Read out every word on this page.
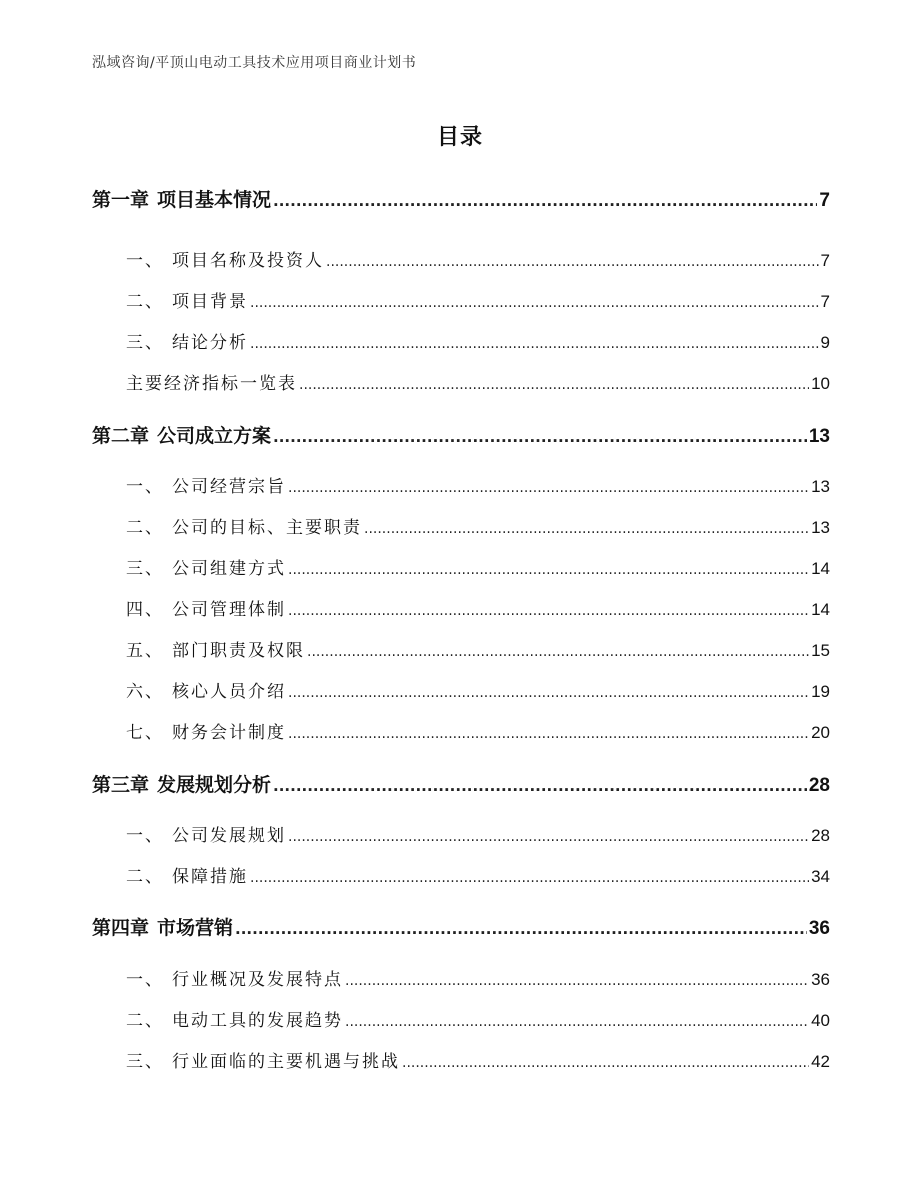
泓域咨询/平顶山电动工具技术应用项目商业计划书
目录
第一章 项目基本情况 .....	7
一、 项目名称及投资人 .....	7
二、 项目背景 .....	7
三、 结论分析 .....	9
主要经济指标一览表 .....	10
第二章 公司成立方案 .....	13
一、 公司经营宗旨 .....	13
二、 公司的目标、主要职责 .....	13
三、 公司组建方式 .....	14
四、 公司管理体制 .....	14
五、 部门职责及权限 .....	15
六、 核心人员介绍 .....	19
七、 财务会计制度 .....	20
第三章 发展规划分析 .....	28
一、 公司发展规划 .....	28
二、 保障措施 .....	34
第四章 市场营销 .....	36
一、 行业概况及发展特点 .....	36
二、 电动工具的发展趋势 .....	40
三、 行业面临的主要机遇与挑战 .....	42
